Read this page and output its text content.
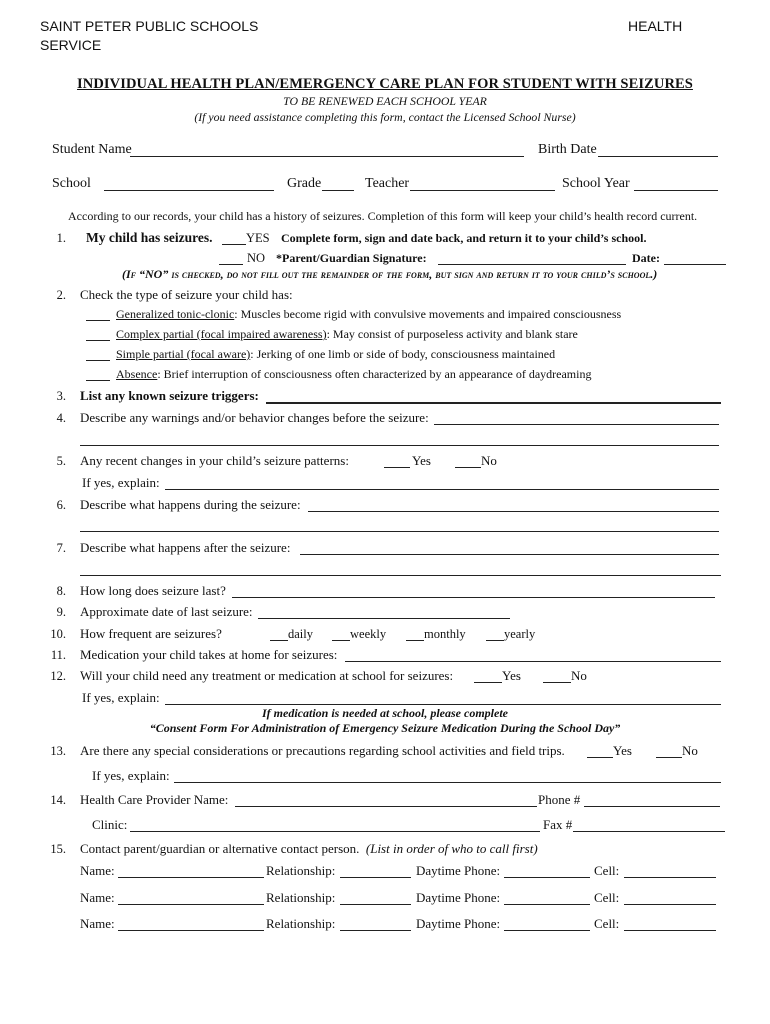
SAINT PETER PUBLIC SCHOOLS	HEALTH
SERVICE
INDIVIDUAL HEALTH PLAN/EMERGENCY CARE PLAN FOR STUDENT WITH SEIZURES
TO BE RENEWED EACH SCHOOL YEAR
(If you need assistance completing this form, contact the Licensed School Nurse)
Student Name	Birth Date
School	Grade	Teacher	School Year
According to our records, your child has a history of seizures. Completion of this form will keep your child’s health record current.
1. My child has seizures.	YES Complete form, sign and date back, and return it to your child’s school.
NO *Parent/Guardian Signature:	Date:
(If “NO” is checked, do not fill out the remainder of the form, but sign and return it to your child’s school.)
2. Check the type of seizure your child has:
Generalized tonic-clonic: Muscles become rigid with convulsive movements and impaired consciousness
Complex partial (focal impaired awareness): May consist of purposeless activity and blank stare
Simple partial (focal aware): Jerking of one limb or side of body, consciousness maintained
Absence: Brief interruption of consciousness often characterized by an appearance of daydreaming
3. List any known seizure triggers:
4. Describe any warnings and/or behavior changes before the seizure:
5. Any recent changes in your child’s seizure patterns:	Yes	No
If yes, explain:
6. Describe what happens during the seizure:
7. Describe what happens after the seizure:
8. How long does seizure last?
9. Approximate date of last seizure:
10. How frequent are seizures?	daily	weekly	monthly	yearly
11. Medication your child takes at home for seizures:
12. Will your child need any treatment or medication at school for seizures:	Yes	No
If yes, explain:
If medication is needed at school, please complete
“Consent Form For Administration of Emergency Seizure Medication During the School Day”
13. Are there any special considerations or precautions regarding school activities and field trips.	Yes	No
If yes, explain:
14. Health Care Provider Name:	Phone #
Clinic:	Fax #
15. Contact parent/guardian or alternative contact person. (List in order of who to call first)
Name:	Relationship:	Daytime Phone:	Cell:
Name:	Relationship:	Daytime Phone:	Cell:
Name:	Relationship:	Daytime Phone:	Cell:
